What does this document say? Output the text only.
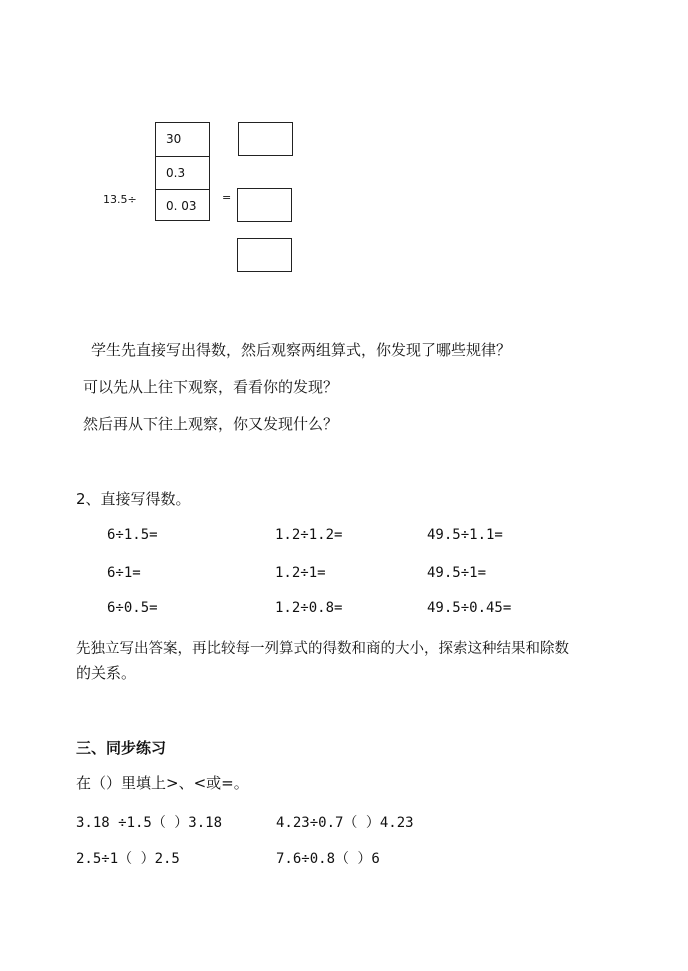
13.5÷
30
0.3
0. 03
=
学生先直接写出得数，然后观察两组算式，你发现了哪些规律？
可以先从上往下观察，看看你的发现？
然后再从下往上观察，你又发现什么？
2、直接写得数。
6÷1.5=	1.2÷1.2=	49.5÷1.1=
6÷1=	1.2÷1=	49.5÷1=
6÷0.5=	1.2÷0.8=	49.5÷0.45=
先独立写出答案，再比较每一列算式的得数和商的大小，探索这种结果和除数
的关系。
三、同步练习
在（）里填上>、<或=。
3.18 ÷1.5（ ）3.18	4.23÷0.7（ ）4.23
2.5÷1（ ）2.5	7.6÷0.8（ ）6
